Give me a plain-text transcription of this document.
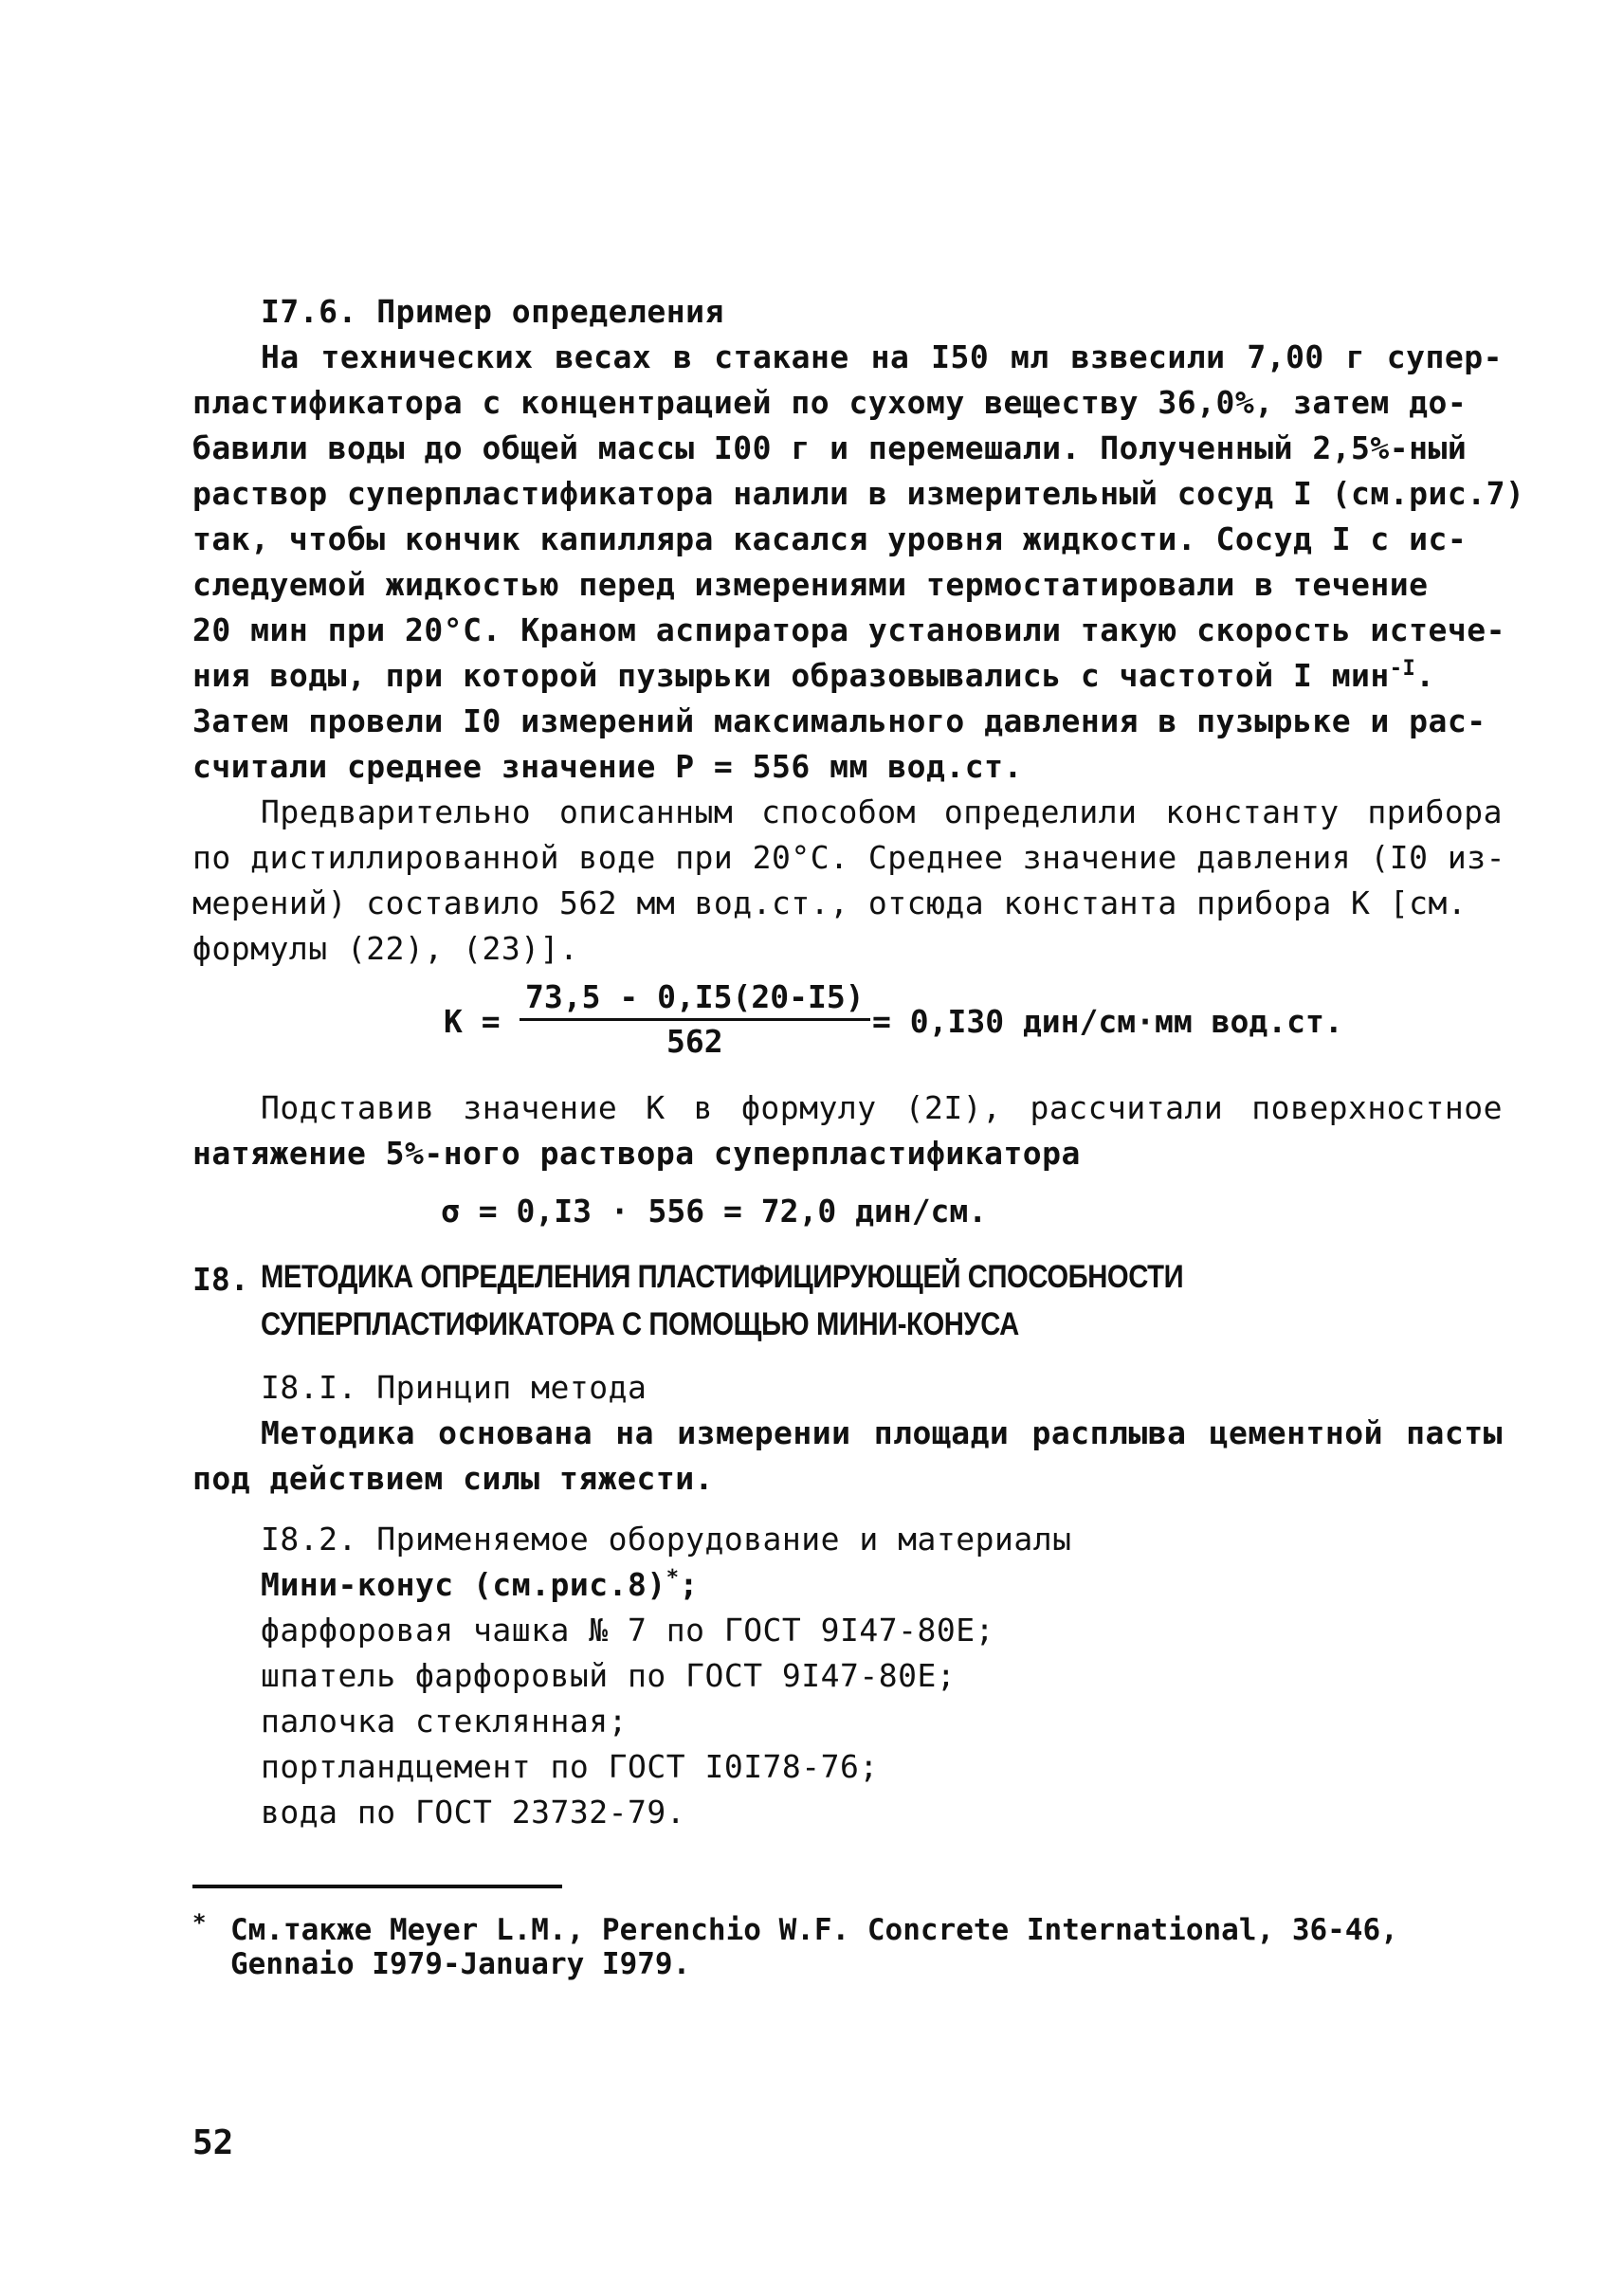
I7.6. Пример определения
На технических весах в стакане на I50 мл взвесили 7,00 г супер-
пластификатора с концентрацией по сухому веществу 36,0%, затем до-
бавили воды до общей массы I00 г и перемешали. Полученный 2,5%-ный
раствор суперпластификатора налили в измерительный сосуд I (см.рис.7)
так, чтобы кончик капилляра касался уровня жидкости. Сосуд I с ис-
следуемой жидкостью перед измерениями термостатировали в течение
20 мин при 20°С. Краном аспиратора установили такую скорость истече-
ния воды, при которой пузырьки образовывались с частотой I мин$^{-I}$.
Затем провели I0 измерений максимального давления в пузырьке и рас-
считали среднее значение Р = 556 мм вод.ст.
Предварительно описанным способом определили константу прибора
по дистиллированной воде при 20°С. Среднее значение давления (I0 из-
мерений) составило 562 мм вод.ст., отсюда константа прибора К [см.
формулы (22), (23)].
$К = \frac{73,5 - 0,I5(20-I5)}{562} = 0,I30$ дин/см·мм вод.ст.
Подставив значение К в формулу (2I), рассчитали поверхностное
натяжение 5%-ного раствора суперпластификатора
σ = 0,I3 · 556 = 72,0 дин/см.
I8. МЕТОДИКА ОПРЕДЕЛЕНИЯ ПЛАСТИФИЦИРУЮЩЕЙ СПОСОБНОСТИ
СУПЕРПЛАСТИФИКАТОРА С ПОМОЩЬЮ МИНИ-КОНУСА
I8.I. Принцип метода
Методика основана на измерении площади расплыва цементной пасты
под действием силы тяжести.
I8.2. Применяемое оборудование и материалы
Мини-конус (см.рис.8)*;
фарфоровая чашка № 7 по ГОСТ 9I47-80Е;
шпатель фарфоровый по ГОСТ 9I47-80Е;
палочка стеклянная;
портландцемент по ГОСТ I0I78-76;
вода по ГОСТ 23732-79.
* См.также Meyer L.M., Perenchio W.F. Concrete International, 36-46,
Gennaio I979-January I979.
52
